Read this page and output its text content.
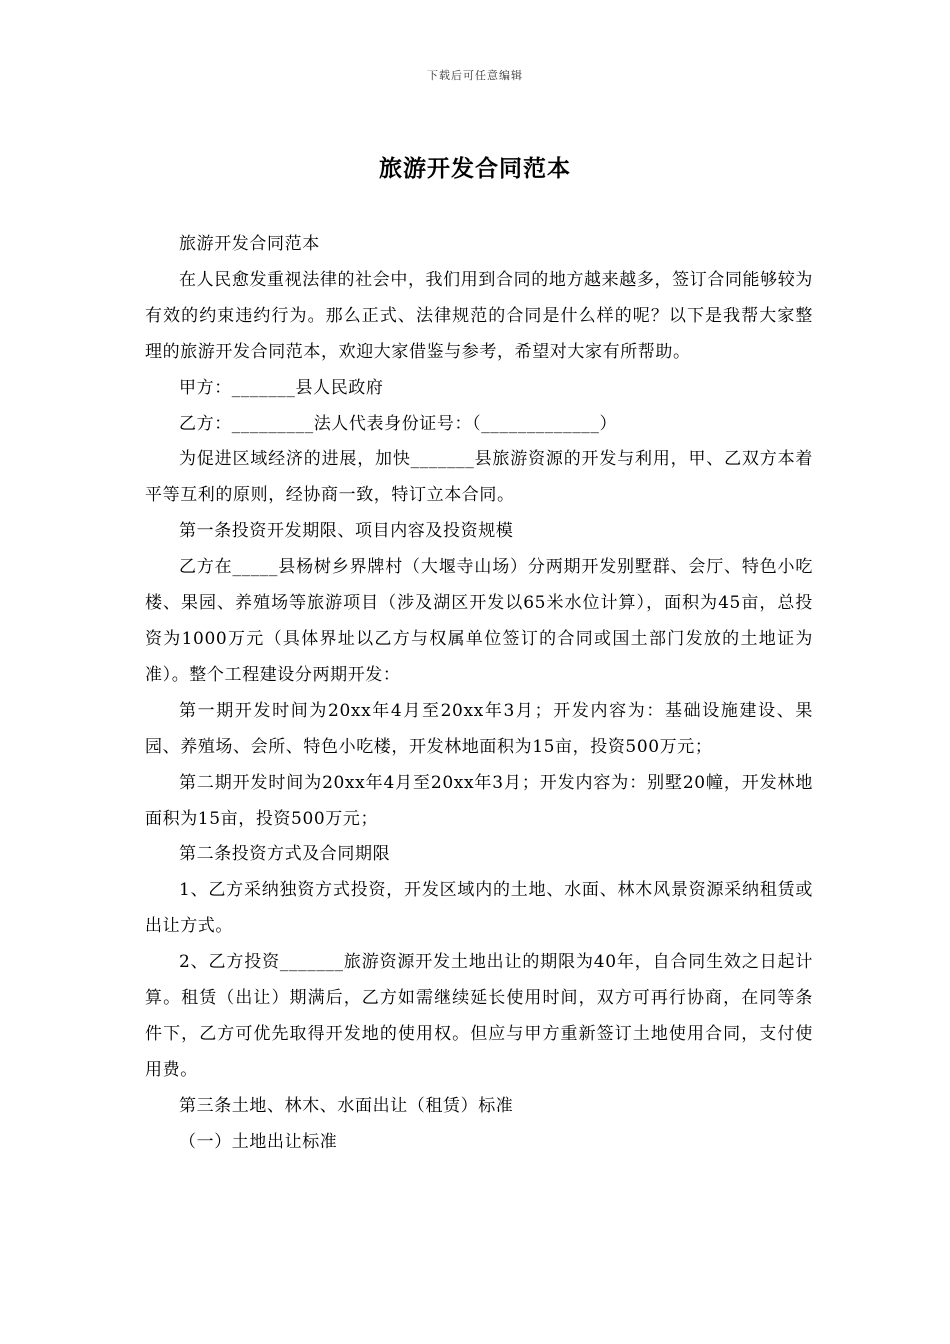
下载后可任意编辑
旅游开发合同范本

旅游开发合同范本

在人民愈发重视法律的社会中，我们用到合同的地方越来越多，签订合同能够较为有效的约束违约行为。那么正式、法律规范的合同是什么样的呢？以下是我帮大家整理的旅游开发合同范本，欢迎大家借鉴与参考，希望对大家有所帮助。

甲方：_______县人民政府

乙方：_________法人代表身份证号：（_____________）

为促进区域经济的进展，加快_______县旅游资源的开发与利用，甲、乙双方本着平等互利的原则，经协商一致，特订立本合同。

第一条投资开发期限、项目内容及投资规模

乙方在_____县杨树乡界牌村（大堰寺山场）分两期开发别墅群、会厅、特色小吃楼、果园、养殖场等旅游项目（涉及湖区开发以65米水位计算），面积为45亩，总投资为1000万元（具体界址以乙方与权属单位签订的合同或国土部门发放的土地证为准）。整个工程建设分两期开发：

第一期开发时间为20xx年4月至20xx年3月；开发内容为：基础设施建设、果园、养殖场、会所、特色小吃楼，开发林地面积为15亩，投资500万元；

第二期开发时间为20xx年4月至20xx年3月；开发内容为：别墅20幢，开发林地面积为15亩，投资500万元；

第二条投资方式及合同期限

1、乙方采纳独资方式投资，开发区域内的土地、水面、林木风景资源采纳租赁或出让方式。

2、乙方投资_______旅游资源开发土地出让的期限为40年，自合同生效之日起计算。租赁（出让）期满后，乙方如需继续延长使用时间，双方可再行协商，在同等条件下，乙方可优先取得开发地的使用权。但应与甲方重新签订土地使用合同，支付使用费。

第三条土地、林木、水面出让（租赁）标准

（一）土地出让标准
